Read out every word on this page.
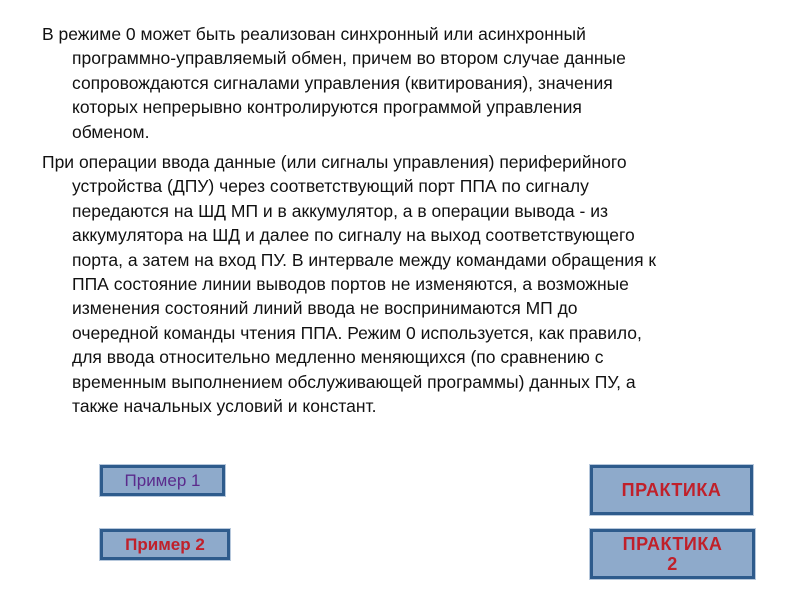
В режиме 0 может быть реализован синхронный или асинхронный
программно-управляемый обмен, причем во втором случае данные
сопровождаются сигналами управления (квитирования), значения
которых непрерывно контролируются программой управления
обменом.

При операции ввода данные (или сигналы управления) периферийного
устройства (ДПУ) через соответствующий порт ППА по сигналу
передаются на ШД МП и в аккумулятор, а в операции вывода - из
аккумулятора на ШД и далее по сигналу на выход соответствующего
порта, а затем на вход ПУ. В интервале между командами обращения к
ППА состояние линии выводов портов не изменяются, а возможные
изменения состояний линий ввода не воспринимаются МП до
очередной команды чтения ППА. Режим 0 используется, как правило,
для ввода относительно медленно меняющихся (по сравнению с
временным выполнением обслуживающей программы) данных ПУ, а
также начальных условий и констант.

Пример 1
Пример 2
ПРАКТИКА
ПРАКТИКА
2
